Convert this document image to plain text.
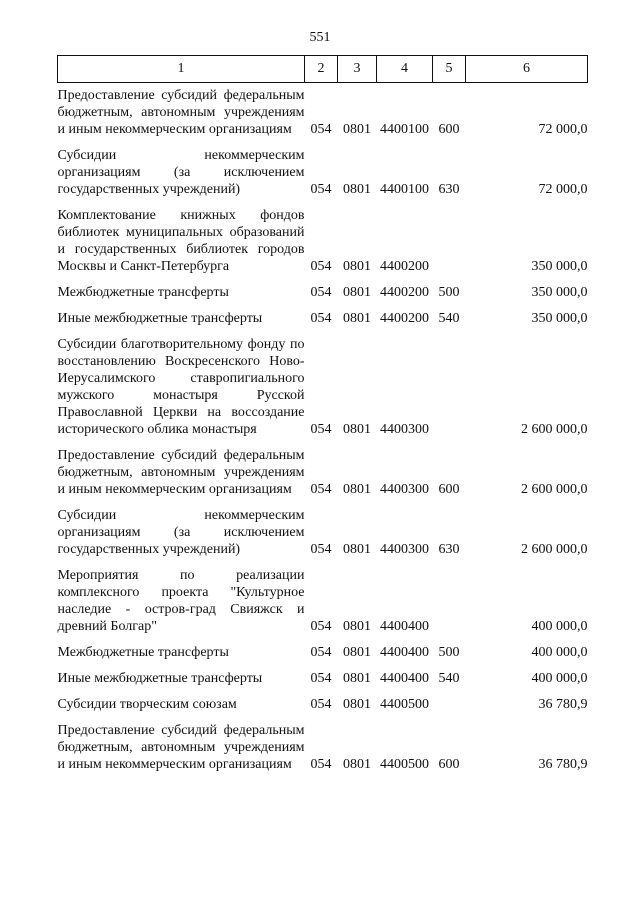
551
1	2	3	4	5	6
Предоставление субсидий федеральным бюджетным, автономным учреждениям и иным некоммерческим организациям	054	0801	4400100	600	72 000,0
Субсидии некоммерческим организациям (за исключением государственных учреждений)	054	0801	4400100	630	72 000,0
Комплектование книжных фондов библиотек муниципальных образований и государственных библиотек городов Москвы и Санкт-Петербурга	054	0801	4400200		350 000,0
Межбюджетные трансферты	054	0801	4400200	500	350 000,0
Иные межбюджетные трансферты	054	0801	4400200	540	350 000,0
Субсидии благотворительному фонду по восстановлению Воскресенского Ново-Иерусалимского ставропигиального мужского монастыря Русской Православной Церкви на воссоздание исторического облика монастыря	054	0801	4400300		2 600 000,0
Предоставление субсидий федеральным бюджетным, автономным учреждениям и иным некоммерческим организациям	054	0801	4400300	600	2 600 000,0
Субсидии некоммерческим организациям (за исключением государственных учреждений)	054	0801	4400300	630	2 600 000,0
Мероприятия по реализации комплексного проекта "Культурное наследие - остров-град Свияжск и древний Болгар"	054	0801	4400400		400 000,0
Межбюджетные трансферты	054	0801	4400400	500	400 000,0
Иные межбюджетные трансферты	054	0801	4400400	540	400 000,0
Субсидии творческим союзам	054	0801	4400500		36 780,9
Предоставление субсидий федеральным бюджетным, автономным учреждениям и иным некоммерческим организациям	054	0801	4400500	600	36 780,9
